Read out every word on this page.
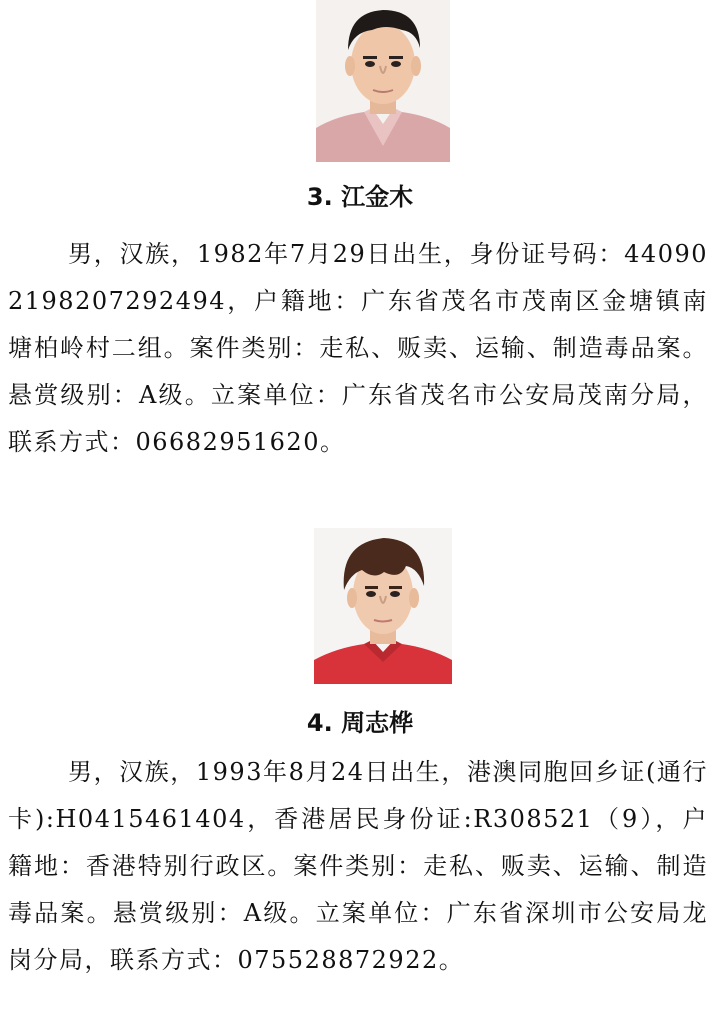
3. 江金木

男，汉族，1982年7月29日出生，身份证号码：440902198207292494，户籍地：广东省茂名市茂南区金塘镇南塘柏岭村二组。案件类别：走私、贩卖、运输、制造毒品案。悬赏级别：A级。立案单位：广东省茂名市公安局茂南分局，联系方式：06682951620。

4. 周志桦

男，汉族，1993年8月24日出生，港澳同胞回乡证(通行卡):H0415461404，香港居民身份证:R308521（9），户籍地：香港特别行政区。案件类别：走私、贩卖、运输、制造毒品案。悬赏级别：A级。立案单位：广东省深圳市公安局龙岗分局，联系方式：075528872922。
